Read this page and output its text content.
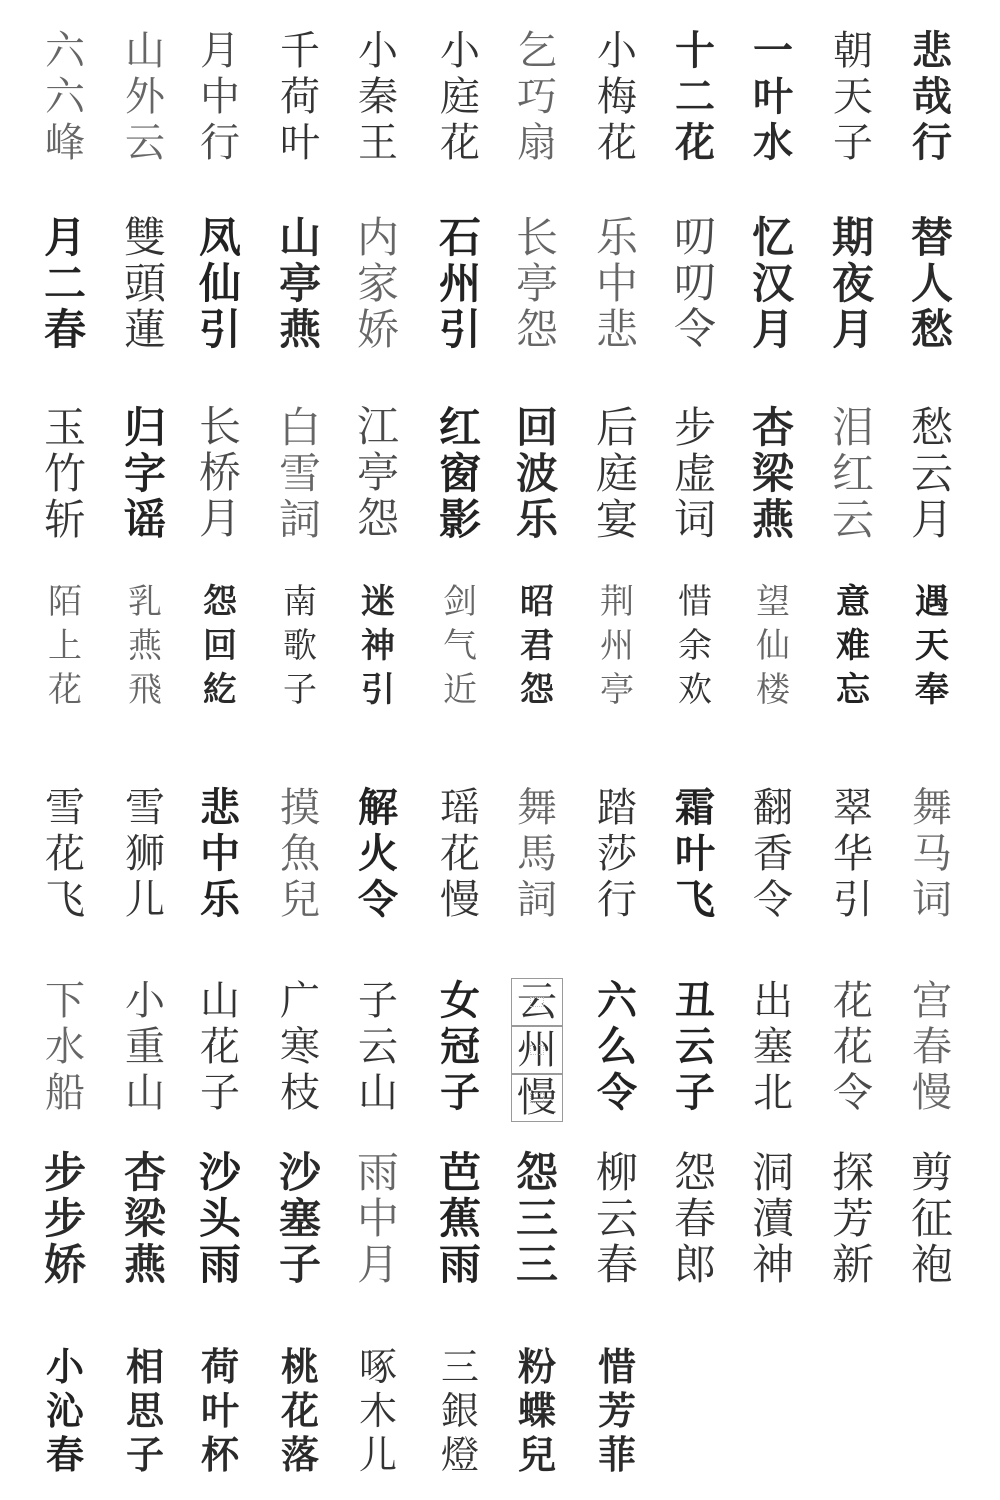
六
六
峰
山
外
云
月
中
行
千
荷
叶
小
秦
王
小
庭
花
乞
巧
扇
小
梅
花
十
二
花
一
叶
水
朝
天
子
悲
哉
行
月
二
春
雙
頭
蓮
凤
仙
引
山
亭
燕
内
家
娇
石
州
引
长
亭
怨
乐
中
悲
叨
叨
令
忆
汉
月
期
夜
月
替
人
愁
玉
竹
斩
归
字
谣
长
桥
月
白
雪
詞
江
亭
怨
红
窗
影
回
波
乐
后
庭
宴
步
虚
词
杏
梁
燕
泪
红
云
愁
云
月
陌
上
花
乳
燕
飛
怨
回
紇
南
歌
子
迷
神
引
剑
气
近
昭
君
怨
荆
州
亭
惜
余
欢
望
仙
楼
意
难
忘
遇
天
奉
雪
花
飞
雪
狮
儿
悲
中
乐
摸
魚
兒
解
火
令
瑶
花
慢
舞
馬
詞
踏
莎
行
霜
叶
飞
翻
香
令
翠
华
引
舞
马
词
下
水
船
小
重
山
山
花
子
广
寒
枝
子
云
山
女
冠
子
云
州
慢
六
么
令
丑
云
子
出
塞
北
花
花
令
宫
春
慢
步
步
娇
杏
梁
燕
沙
头
雨
沙
塞
子
雨
中
月
芭
蕉
雨
怨
三
三
柳
云
春
怨
春
郎
洞
瀆
神
探
芳
新
剪
征
袍
小
沁
春
相
思
子
荷
叶
杯
桃
花
落
啄
木
儿
三
銀
燈
粉
蝶
兒
惜
芳
菲
